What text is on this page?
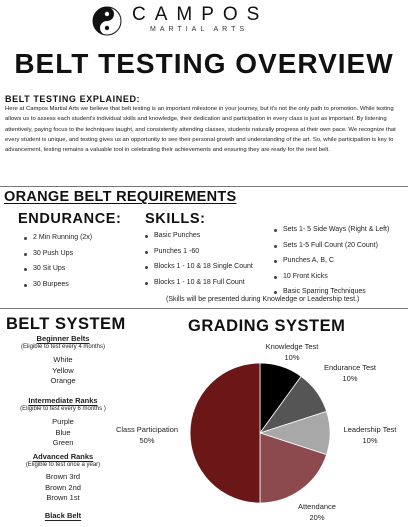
CAMPOS
MARTIAL ARTS
BELT TESTING OVERVIEW
BELT TESTING EXPLAINED:
Here at Campos Martial Arts we believe that belt testing is an important milestone in your journey, but it's not the only path to promotion. While testing allows us to assess each student's individual skills and knowledge, their dedication and participation in every class is just as important. By listening attentively, paying focus to the techniques taught, and consistently attending classes, students naturally progress at their own pace. We recognize that every student is unique, and testing gives us an opportunity to see their personal growth and understanding of the art. So, while participation is key to advancement, testing remains a valuable tool in celebrating their achievements and ensuring they are ready for the next belt.
ORANGE BELT REQUIREMENTS
ENDURANCE:
2 Min Running (2x)
30 Push Ups
30 Sit Ups
30 Burpees
SKILLS:
Basic Punches
Punches 1 -60
Blocks 1 - 10 & 18 Single Count
Blocks 1 - 10 & 18 Full Count
Sets 1- 5 Side Ways (Right & Left)
Sets 1-5 Full Count (20 Count)
Punches A, B, C
10 Front Kicks
Basic Sparring Techniques
(Skills will be presented during Knowledge or Leadership test.)
BELT SYSTEM	GRADING SYSTEM
Beginner Belts
(Eligible to test every 4 months)
White
Yellow
Orange
Intermediate Ranks
(Eligible to test every 6 months )
Purple
Blue
Green
Advanced Ranks
(Eligible to test once a year)
Brown 3rd
Brown 2nd
Brown 1st
Black Belt
Knowledge Test
10%
Endurance Test
10%
Leadership Test
10%
Attendance
20%
Class Participation
50%
